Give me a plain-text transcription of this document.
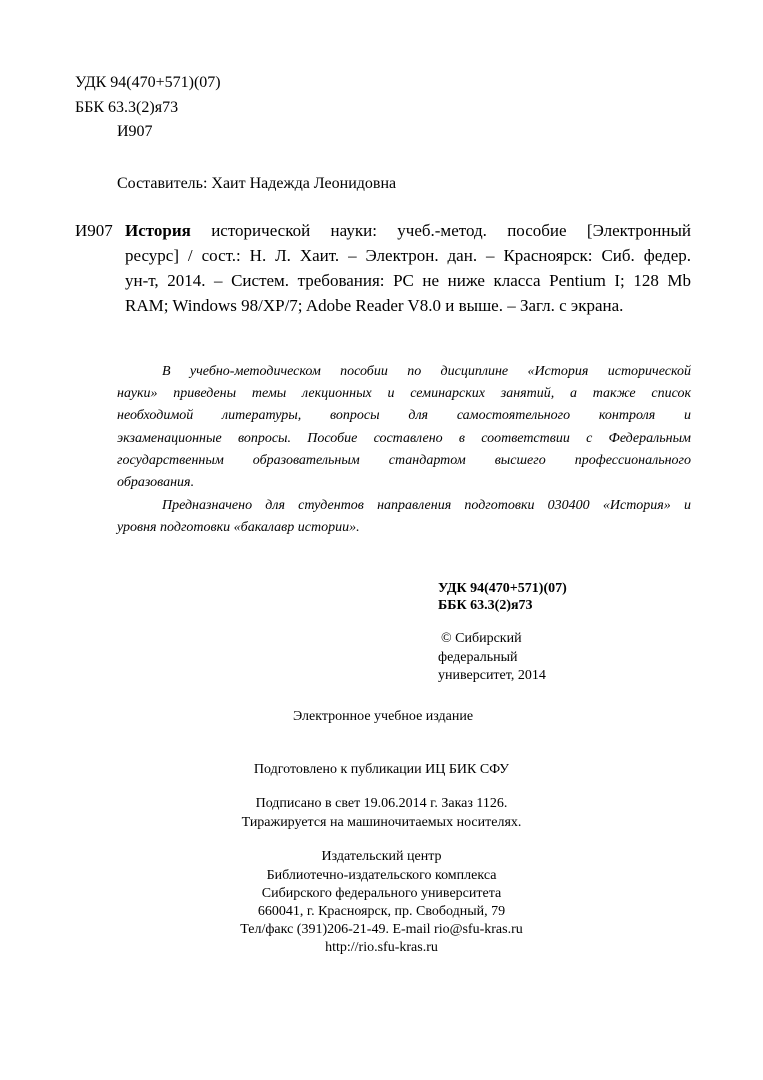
УДК 94(470+571)(07)
ББК 63.3(2)я73
И907
Составитель: Хаит Надежда Леонидовна
И907 История исторической науки: учеб.-метод. пособие [Электронный
ресурс] / сост.: Н. Л. Хаит. – Электрон. дан. – Красноярск: Сиб. федер.
ун-т, 2014. – Систем. требования: PC не ниже класса Pentium I; 128 Mb
RAM; Windows 98/XP/7; Adobe Reader V8.0 и выше. – Загл. с экрана.
В учебно-методическом пособии по дисциплине «История исторической
науки» приведены темы лекционных и семинарских занятий, а также список
необходимой литературы, вопросы для самостоятельного контроля и
экзаменационные вопросы. Пособие составлено в соответствии с Федеральным
государственным образовательным стандартом высшего профессионального
образования.
Предназначено для студентов направления подготовки 030400 «История» и
уровня подготовки «бакалавр истории».
УДК 94(470+571)(07)
ББК 63.3(2)я73
© Сибирский
федеральный
университет, 2014
Электронное учебное издание
Подготовлено к публикации ИЦ БИК СФУ
Подписано в свет 19.06.2014 г. Заказ 1126.
Тиражируется на машиночитаемых носителях.
Издательский центр
Библиотечно-издательского комплекса
Сибирского федерального университета
660041, г. Красноярск, пр. Свободный, 79
Тел/факс (391)206-21-49. E-mail rio@sfu-kras.ru
http://rio.sfu-kras.ru
